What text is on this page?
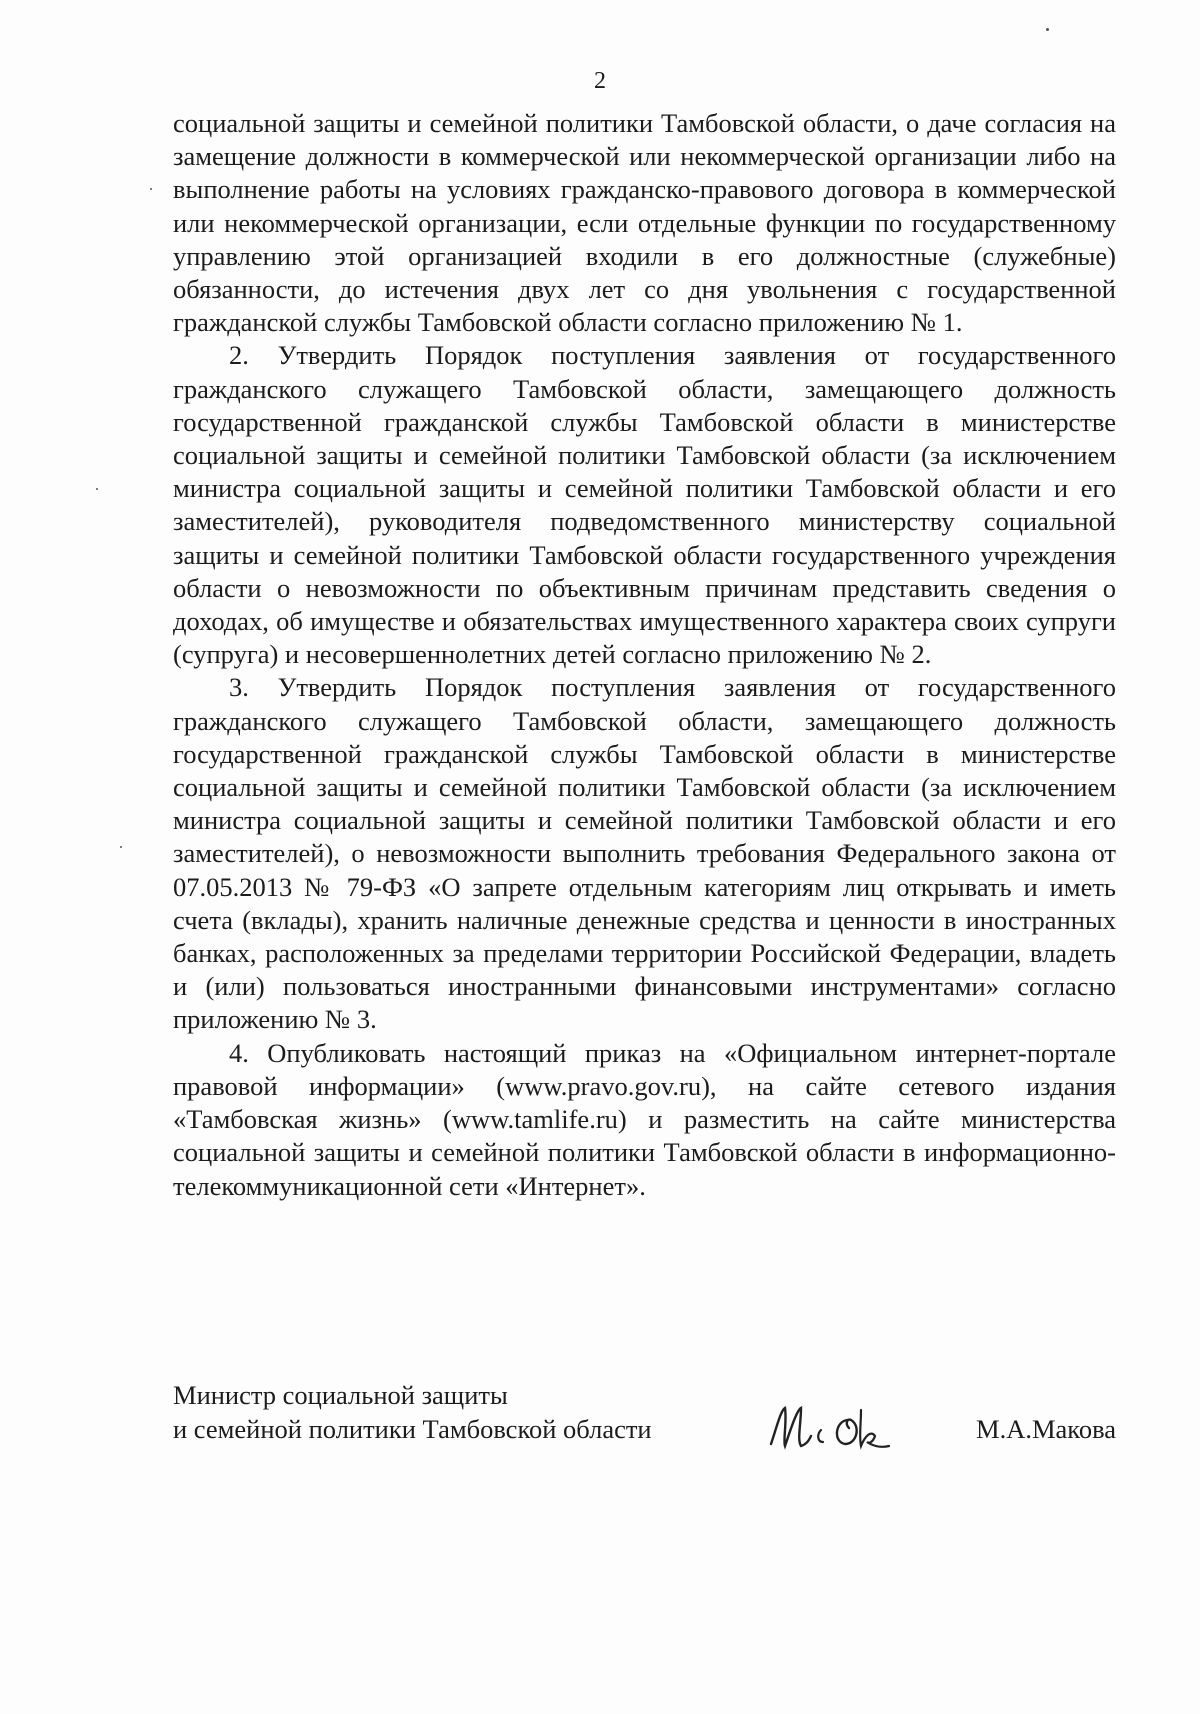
2

социальной защиты и семейной политики Тамбовской области, о даче согласия на замещение должности в коммерческой или некоммерческой организации либо на выполнение работы на условиях гражданско-правового договора в коммерческой или некоммерческой организации, если отдельные функции по государственному управлению этой организацией входили в его должностные (служебные) обязанности, до истечения двух лет со дня увольнения с государственной гражданской службы Тамбовской области согласно приложению № 1.

2. Утвердить Порядок поступления заявления от государственного гражданского служащего Тамбовской области, замещающего должность государственной гражданской службы Тамбовской области в министерстве социальной защиты и семейной политики Тамбовской области (за исключением министра социальной защиты и семейной политики Тамбовской области и его заместителей), руководителя подведомственного министерству социальной защиты и семейной политики Тамбовской области государственного учреждения области о невозможности по объективным причинам представить сведения о доходах, об имуществе и обязательствах имущественного характера своих супруги (супруга) и несовершеннолетних детей согласно приложению № 2.

3. Утвердить Порядок поступления заявления от государственного гражданского служащего Тамбовской области, замещающего должность государственной гражданской службы Тамбовской области в министерстве социальной защиты и семейной политики Тамбовской области (за исключением министра социальной защиты и семейной политики Тамбовской области и его заместителей), о невозможности выполнить требования Федерального закона от 07.05.2013 № 79-ФЗ «О запрете отдельным категориям лиц открывать и иметь счета (вклады), хранить наличные денежные средства и ценности в иностранных банках, расположенных за пределами территории Российской Федерации, владеть и (или) пользоваться иностранными финансовыми инструментами» согласно приложению № 3.

4. Опубликовать настоящий приказ на «Официальном интернет-портале правовой информации» (www.pravo.gov.ru), на сайте сетевого издания «Тамбовская жизнь» (www.tamlife.ru) и разместить на сайте министерства социальной защиты и семейной политики Тамбовской области в информационно-телекоммуникационной сети «Интернет».

Министр социальной защиты
и семейной политики Тамбовской области	М.А.Макова
